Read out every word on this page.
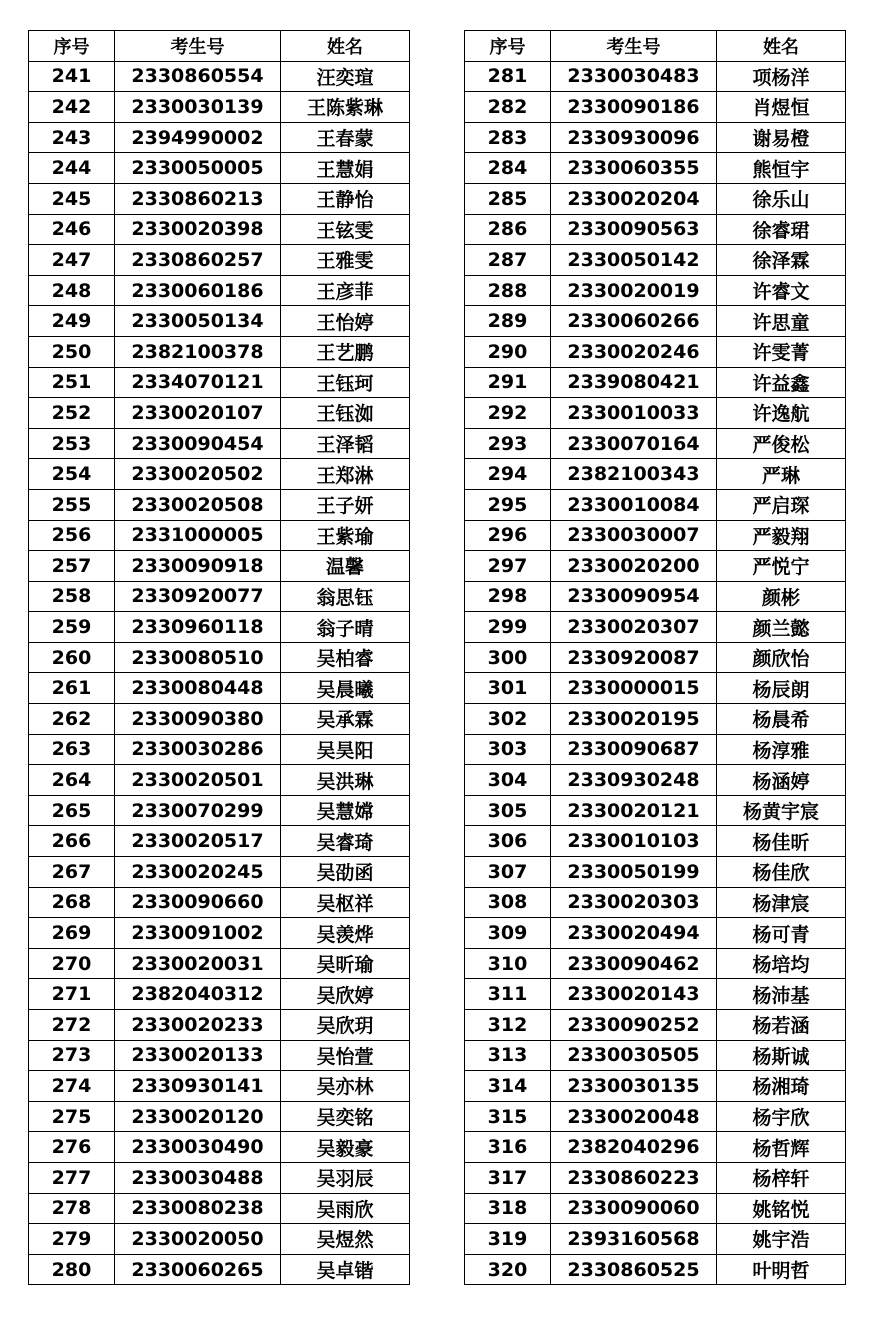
序号	考生号	姓名
241	2330860554	汪奕瑄
242	2330030139	王陈紫琳
243	2394990002	王春蒙
244	2330050005	王慧娟
245	2330860213	王静怡
246	2330020398	王铉雯
247	2330860257	王雅雯
248	2330060186	王彦菲
249	2330050134	王怡婷
250	2382100378	王艺鹏
251	2334070121	王钰珂
252	2330020107	王钰洳
253	2330090454	王泽韬
254	2330020502	王郑淋
255	2330020508	王子妍
256	2331000005	王紫瑜
257	2330090918	温馨
258	2330920077	翁思钰
259	2330960118	翁子晴
260	2330080510	吴柏睿
261	2330080448	吴晨曦
262	2330090380	吴承霖
263	2330030286	吴昊阳
264	2330020501	吴洪琳
265	2330070299	吴慧嫦
266	2330020517	吴睿琦
267	2330020245	吴劭函
268	2330090660	吴枢祥
269	2330091002	吴羡烨
270	2330020031	吴昕瑜
271	2382040312	吴欣婷
272	2330020233	吴欣玥
273	2330020133	吴怡萱
274	2330930141	吴亦林
275	2330020120	吴奕铭
276	2330030490	吴毅豪
277	2330030488	吴羽辰
278	2330080238	吴雨欣
279	2330020050	吴煜然
280	2330060265	吴卓锴
序号	考生号	姓名
281	2330030483	项杨洋
282	2330090186	肖煜恒
283	2330930096	谢易橙
284	2330060355	熊恒宇
285	2330020204	徐乐山
286	2330090563	徐睿珺
287	2330050142	徐泽霖
288	2330020019	许睿文
289	2330060266	许思童
290	2330020246	许雯菁
291	2339080421	许益鑫
292	2330010033	许逸航
293	2330070164	严俊松
294	2382100343	严琳
295	2330010084	严启琛
296	2330030007	严毅翔
297	2330020200	严悦宁
298	2330090954	颜彬
299	2330020307	颜兰懿
300	2330920087	颜欣怡
301	2330000015	杨辰朗
302	2330020195	杨晨希
303	2330090687	杨淳雅
304	2330930248	杨涵婷
305	2330020121	杨黄宇宸
306	2330010103	杨佳昕
307	2330050199	杨佳欣
308	2330020303	杨津宸
309	2330020494	杨可青
310	2330090462	杨培均
311	2330020143	杨沛基
312	2330090252	杨若涵
313	2330030505	杨斯诚
314	2330030135	杨湘琦
315	2330020048	杨宇欣
316	2382040296	杨哲辉
317	2330860223	杨梓轩
318	2330090060	姚铭悦
319	2393160568	姚宇浩
320	2330860525	叶明哲
